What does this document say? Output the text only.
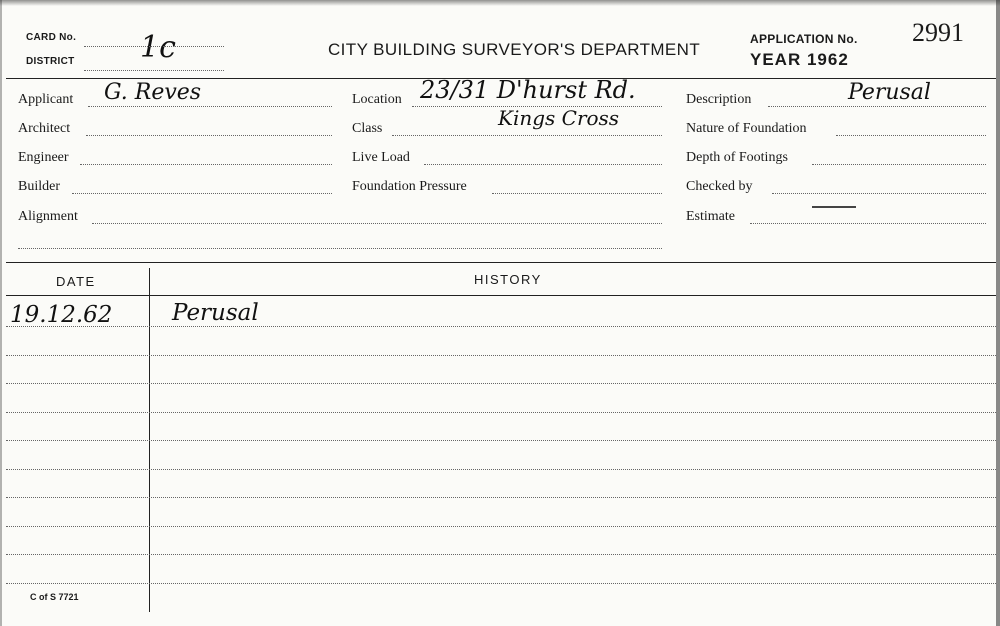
CARD No. 1c
DISTRICT
CITY BUILDING SURVEYOR'S DEPARTMENT
APPLICATION No. 2991
YEAR 1962
Applicant G. Reves
Architect
Engineer
Builder
Alignment
Location 23/31 D'hurst Rd.
Class	Kings Cross
Live Load
Foundation Pressure
Description	Perusal
Nature of Foundation
Depth of Footings
Checked by
Estimate
DATE	HISTORY
19.12.62	Perusal
C of S 7721
